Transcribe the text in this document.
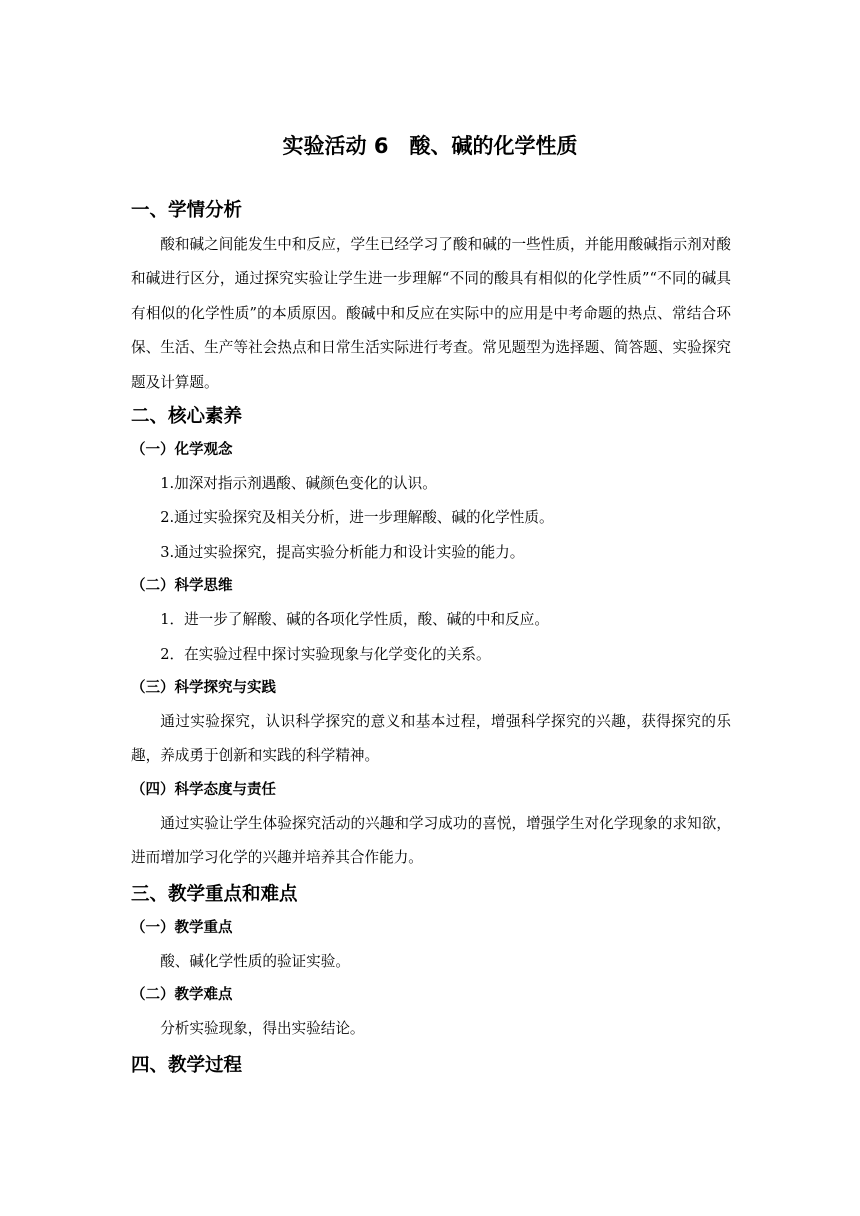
实验活动 6　酸、碱的化学性质
一、学情分析
酸和碱之间能发生中和反应，学生已经学习了酸和碱的一些性质，并能用酸碱指示剂对酸和碱进行区分，通过探究实验让学生进一步理解“不同的酸具有相似的化学性质”“不同的碱具有相似的化学性质”的本质原因。酸碱中和反应在实际中的应用是中考命题的热点、常结合环保、生活、生产等社会热点和日常生活实际进行考查。常见题型为选择题、简答题、实验探究题及计算题。
二、核心素养
（一）化学观念
1.加深对指示剂遇酸、碱颜色变化的认识。
2.通过实验探究及相关分析，进一步理解酸、碱的化学性质。
3.通过实验探究，提高实验分析能力和设计实验的能力。
（二）科学思维
1．进一步了解酸、碱的各项化学性质，酸、碱的中和反应。
2．在实验过程中探讨实验现象与化学变化的关系。
（三）科学探究与实践
通过实验探究，认识科学探究的意义和基本过程，增强科学探究的兴趣，获得探究的乐趣，养成勇于创新和实践的科学精神。
（四）科学态度与责任
通过实验让学生体验探究活动的兴趣和学习成功的喜悦，增强学生对化学现象的求知欲，进而增加学习化学的兴趣并培养其合作能力。
三、教学重点和难点
（一）教学重点
酸、碱化学性质的验证实验。
（二）教学难点
分析实验现象，得出实验结论。
四、教学过程
